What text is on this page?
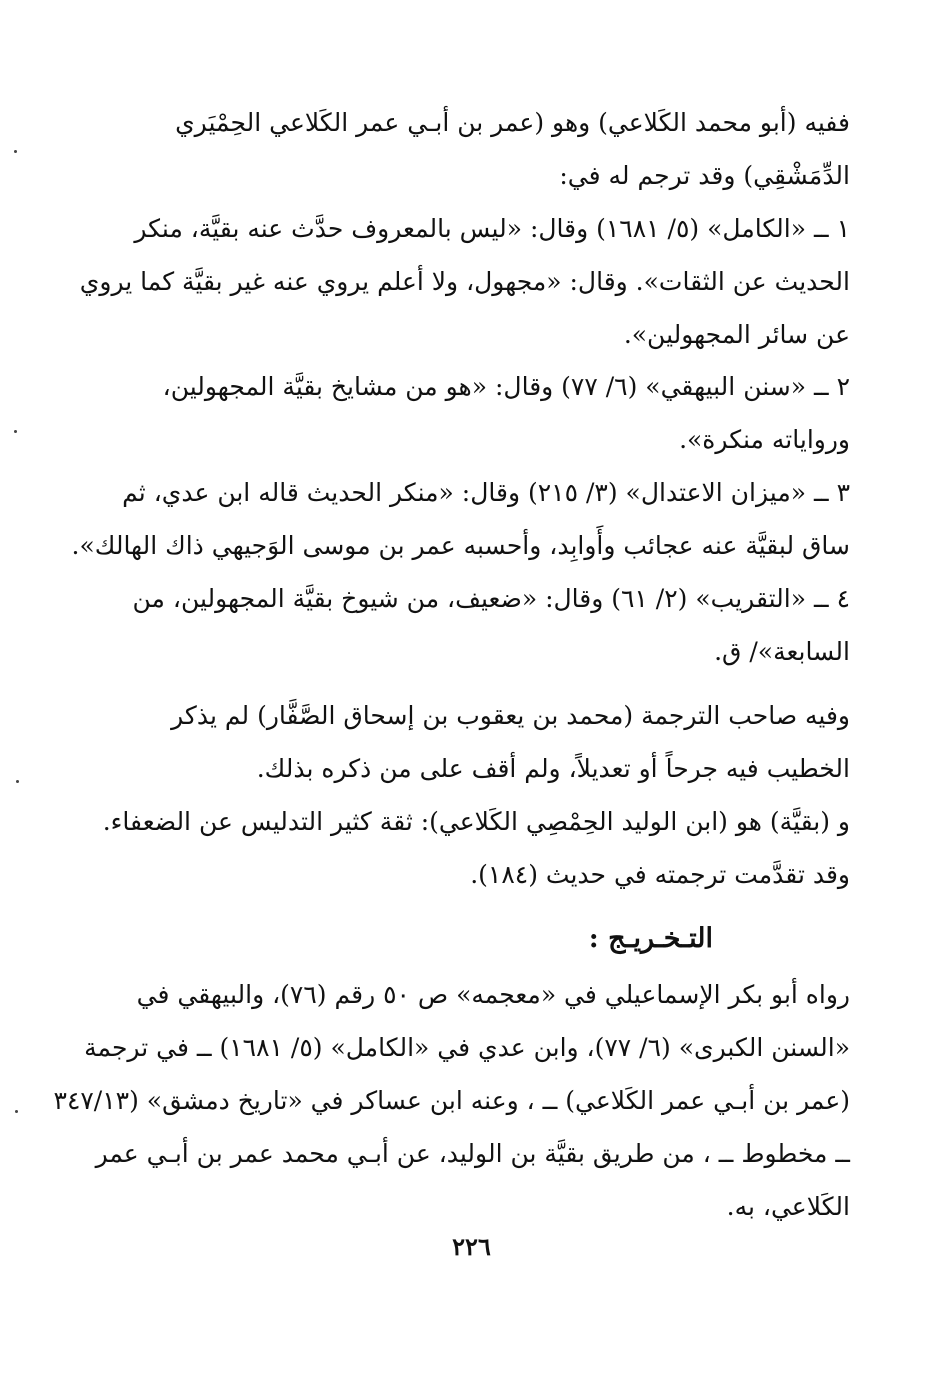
ففيه (أبو محمد الكَلاعي) وهو (عمر بن أبـي عمر الكَلاعي الحِمْيَري
الدِّمَشْقِي) وقد ترجم له في:
١ ــ «الكامل» (٥/ ١٦٨١) وقال: «ليس بالمعروف حدَّث عنه بقيَّة، منكر
الحديث عن الثقات». وقال: «مجهول، ولا أعلم يروي عنه غير بقيَّة كما يروي
عن سائر المجهولين».
٢ ــ «سنن البيهقي» (٦/ ٧٧) وقال: «هو من مشايخ بقيَّة المجهولين،
ورواياته منكرة».
٣ ــ «ميزان الاعتدال» (٣/ ٢١٥) وقال: «منكر الحديث قاله ابن عدي، ثم
ساق لبقيَّة عنه عجائب وأَوابِد، وأحسبه عمر بن موسى الوَجيهي ذاك الهالك».
٤ ــ «التقريب» (٢/ ٦١) وقال: «ضعيف، من شيوخ بقيَّة المجهولين، من
السابعة»/ ق.
وفيه صاحب الترجمة (محمد بن يعقوب بن إسحاق الصَّفَّار) لم يذكر
الخطيب فيه جرحاً أو تعديلاً، ولم أقف على من ذكره بذلك.
و (بقيَّة) هو (ابن الوليد الحِمْصِي الكَلاعي): ثقة كثير التدليس عن الضعفاء.
وقد تقدَّمت ترجمته في حديث (١٨٤).
التـخـريـج :
رواه أبو بكر الإسماعيلي في «معجمه» ص ٥٠ رقم (٧٦)، والبيهقي في
«السنن الكبرى» (٦/ ٧٧)، وابن عدي في «الكامل» (٥/ ١٦٨١) ــ في ترجمة
(عمر بن أبـي عمر الكَلاعي) ــ ، وعنه ابن عساكر في «تاريخ دمشق» (٣٤٧/١٣
ــ مخطوط ــ ، من طريق بقيَّة بن الوليد، عن أبـي محمد عمر بن أبـي عمر
الكَلاعي، به.
٢٢٦
